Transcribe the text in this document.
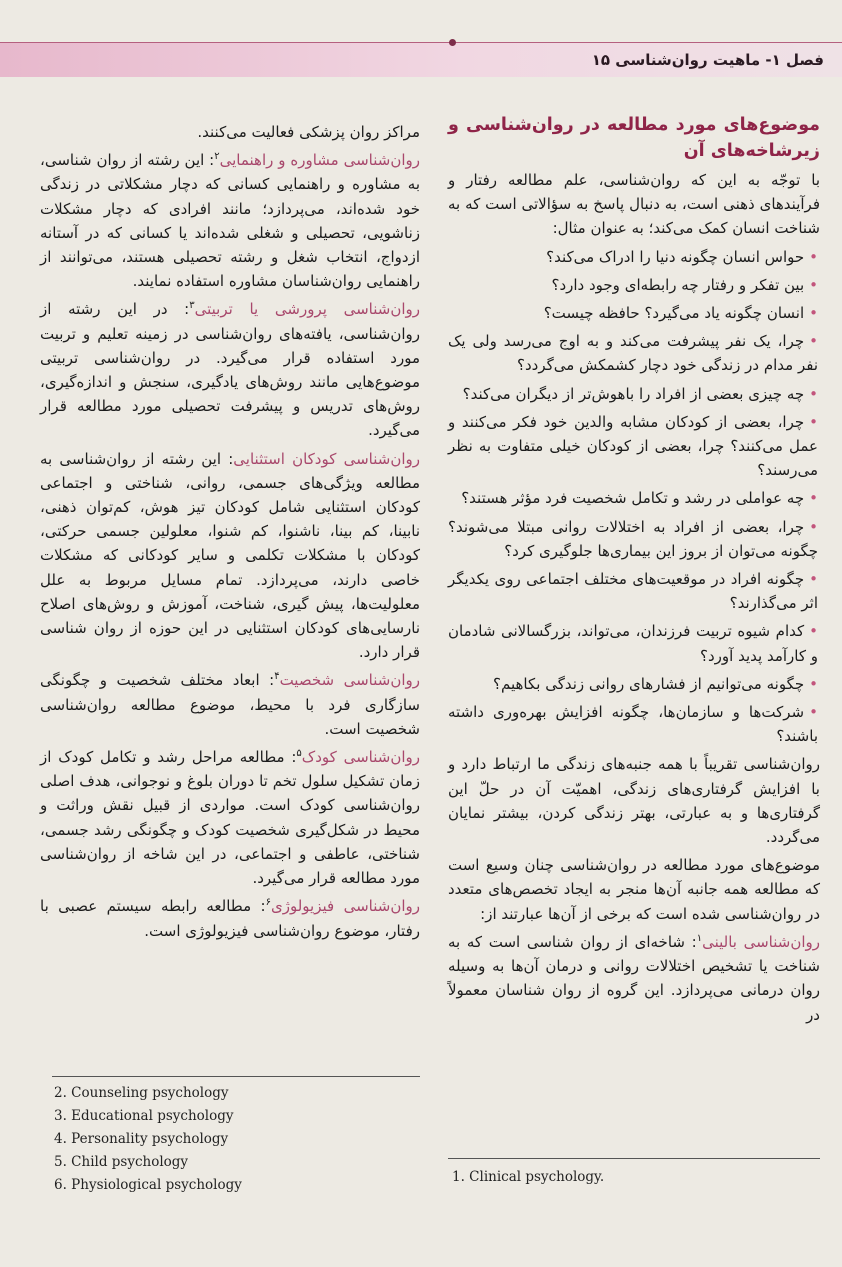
فصل ۱- ماهیت روان‌شناسی ۱۵
موضوع‌های مورد مطالعه در روان‌شناسی و زیرشاخه‌های آن

با توجّه به این که روان‌شناسی، علم مطالعه رفتار و فرآیندهای ذهنی است، به دنبال پاسخ به سؤالاتی است که به شناخت انسان کمک می‌کند؛ به عنوان مثال:

• حواس انسان چگونه دنیا را ادراک می‌کند؟

• بین تفکر و رفتار چه رابطه‌ای وجود دارد؟

• انسان چگونه یاد می‌گیرد؟ حافظه چیست؟

• چرا، یک نفر پیشرفت می‌کند و به اوج می‌رسد ولی یک نفر مدام در زندگی خود دچار کشمکش می‌گردد؟

• چه چیزی بعضی از افراد را باهوش‌تر از دیگران می‌کند؟

• چرا، بعضی از کودکان مشابه والدین خود فکر می‌کنند و عمل می‌کنند؟ چرا، بعضی از کودکان خیلی متفاوت به نظر می‌رسند؟

• چه عواملی در رشد و تکامل شخصیت فرد مؤثر هستند؟

• چرا، بعضی از افراد به اختلالات روانی مبتلا می‌شوند؟ چگونه می‌توان از بروز این بیماری‌ها جلوگیری کرد؟

• چگونه افراد در موقعیت‌های مختلف اجتماعی روی یکدیگر اثر می‌گذارند؟

• کدام شیوه تربیت فرزندان، می‌تواند، بزرگسالانی شادمان و کارآمد پدید آورد؟

• چگونه می‌توانیم از فشارهای روانی زندگی بکاهیم؟

• شرکت‌ها و سازمان‌ها، چگونه افزایش بهره‌وری داشته باشند؟

روان‌شناسی تقریباً با همه جنبه‌های زندگی ما ارتباط دارد و با افزایش گرفتاری‌های زندگی، اهمیّت آن در حلّ این گرفتاری‌ها و به عبارتی، بهتر زندگی کردن، بیشتر نمایان می‌گردد.

موضوع‌های مورد مطالعه در روان‌شناسی چنان وسیع است که مطالعه همه جانبه آن‌ها منجر به ایجاد تخصص‌های متعدد در روان‌شناسی شده است که برخی از آن‌ها عبارتند از:

روان‌شناسی بالینی$^۱$: شاخه‌ای از روان شناسی است که به شناخت یا تشخیص اختلالات روانی و درمان آن‌ها به وسیله روان درمانی می‌پردازد. این گروه از روان شناسان معمولاً در

1. Clinical psychology.

مراکز روان پزشکی فعالیت می‌کنند.

روان‌شناسی مشاوره و راهنمایی$^۲$: این رشته از روان شناسی، به مشاوره و راهنمایی کسانی که دچار مشکلاتی در زندگی خود شده‌اند، می‌پردازد؛ مانند افرادی که دچار مشکلات زناشویی، تحصیلی و شغلی شده‌اند یا کسانی که در آستانه ازدواج، انتخاب شغل و رشته تحصیلی هستند، می‌توانند از راهنمایی روان‌شناسان مشاوره استفاده نمایند.

روان‌شناسی پرورشی یا تربیتی$^۳$: در این رشته از روان‌شناسی، یافته‌های روان‌شناسی در زمینه تعلیم و تربیت مورد استفاده قرار می‌گیرد. در روان‌شناسی تربیتی موضوع‌هایی مانند روش‌های یادگیری، سنجش و اندازه‌گیری، روش‌های تدریس و پیشرفت تحصیلی مورد مطالعه قرار می‌گیرد.

روان‌شناسی کودکان استثنایی: این رشته از روان‌شناسی به مطالعه ویژگی‌های جسمی، روانی، شناختی و اجتماعی کودکان استثنایی شامل کودکان تیز هوش، کم‌توان ذهنی، نابینا، کم بینا، ناشنوا، کم شنوا، معلولین جسمی حرکتی، کودکان با مشکلات تکلمی و سایر کودکانی که مشکلات خاصی دارند، می‌پردازد. تمام مسایل مربوط به علل معلولیت‌ها، پیش گیری، شناخت، آموزش و روش‌های اصلاح نارسایی‌های کودکان استثنایی در این حوزه از روان شناسی قرار دارد.

روان‌شناسی شخصیت$^۴$: ابعاد مختلف شخصیت و چگونگی سازگاری فرد با محیط، موضوع مطالعه روان‌شناسی شخصیت است.

روان‌شناسی کودک$^۵$: مطالعه مراحل رشد و تکامل کودک از زمان تشکیل سلول تخم تا دوران بلوغ و نوجوانی، هدف اصلی روان‌شناسی کودک است. مواردی از قبیل نقش وراثت و محیط در شکل‌گیری شخصیت کودک و چگونگی رشد جسمی، شناختی، عاطفی و اجتماعی، در این شاخه از روان‌شناسی مورد مطالعه قرار می‌گیرد.

روان‌شناسی فیزیولوژی$^۶$: مطالعه رابطه سیستم عصبی با رفتار، موضوع روان‌شناسی فیزیولوژی است.

2. Counseling psychology
3. Educational psychology
4. Personality psychology
5. Child psychology
6. Physiological psychology
